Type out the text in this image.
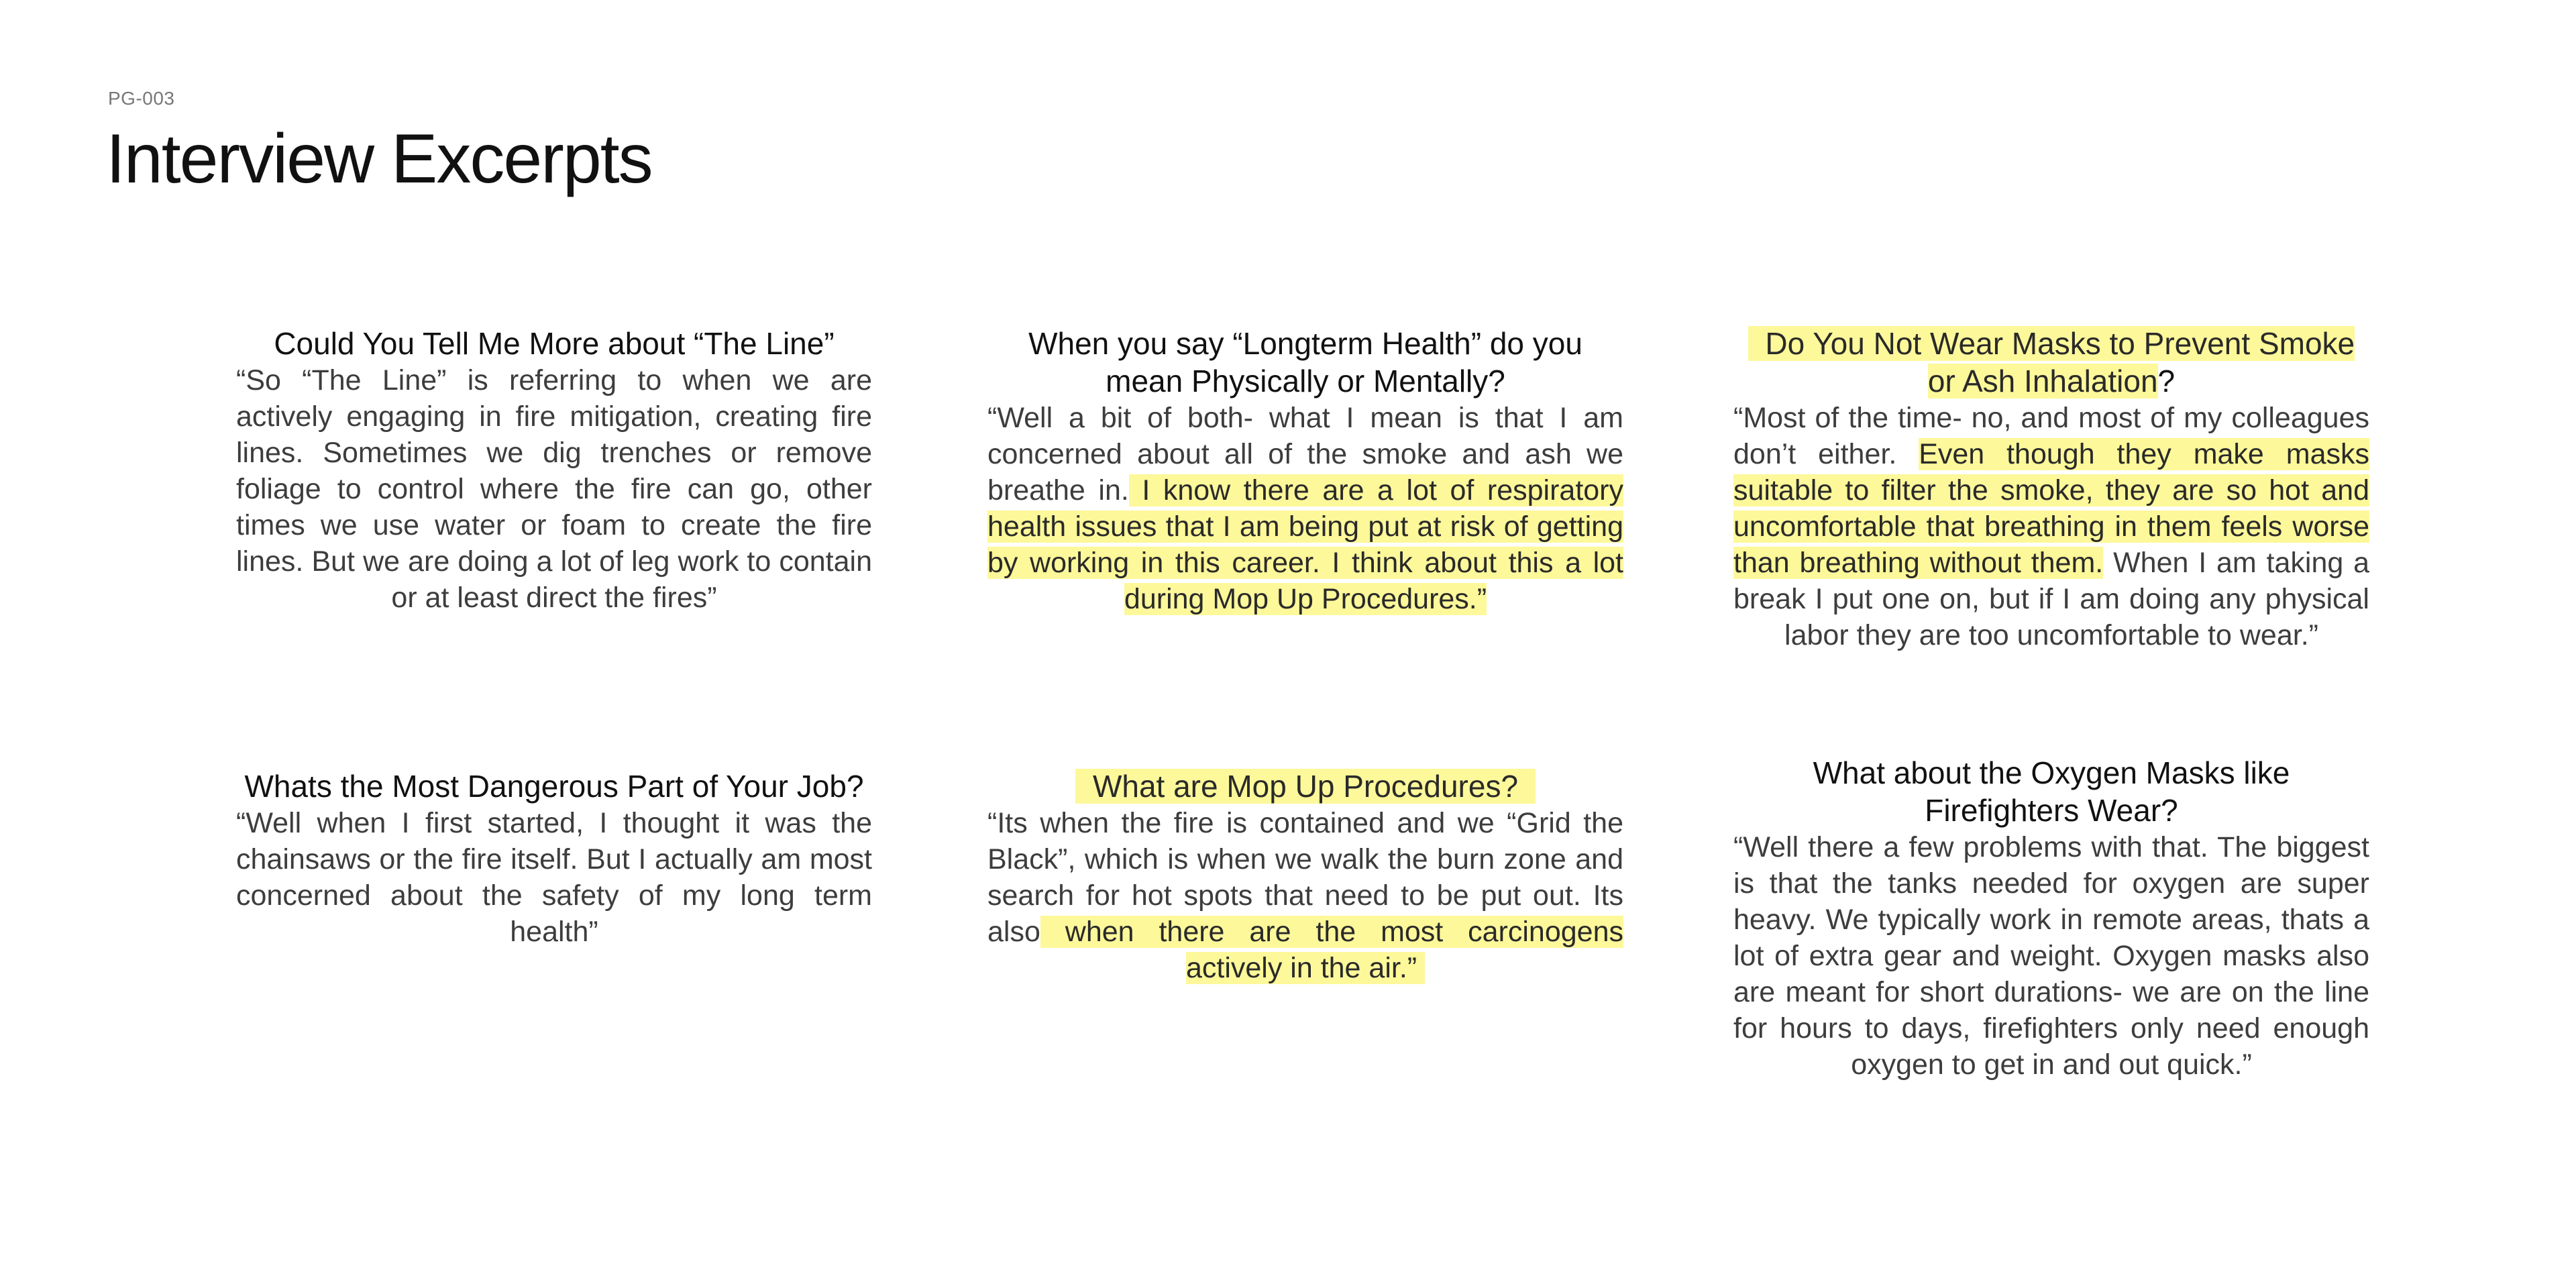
PG-003
Interview Excerpts
Could You Tell Me More about “The Line”

“So “The Line” is referring to when we are actively engaging in fire mitigation, creating fire lines. Sometimes we dig trenches or remove foliage to control where the fire can go, other times we use water or foam to create the fire lines. But we are doing a lot of leg work to contain or at least direct the fires”

When you say “Longterm Health” do you mean Physically or Mentally?

“Well a bit of both- what I mean is that I am concerned about all of the smoke and ash we breathe in. I know there are a lot of respiratory health issues that I am being put at risk of getting by working in this career. I think about this a lot during Mop Up Procedures.”

Do You Not Wear Masks to Prevent Smoke or Ash Inhalation?

“Most of the time- no, and most of my colleagues don’t either. Even though they make masks suitable to filter the smoke, they are so hot and uncomfortable that breathing in them feels worse than breathing without them. When I am taking a break I put one on, but if I am doing any physical labor they are too uncomfortable to wear.”

Whats the Most Dangerous Part of Your Job?

“Well when I first started, I thought it was the chainsaws or the fire itself. But I actually am most concerned about the safety of my long term health”

What are Mop Up Procedures?

“Its when the fire is contained and we “Grid the Black”, which is when we walk the burn zone and search for hot spots that need to be put out. Its also when there are the most carcinogens actively in the air.”

What about the Oxygen Masks like Firefighters Wear?

“Well there a few problems with that. The biggest is that the tanks needed for oxygen are super heavy. We typically work in remote areas, thats a lot of extra gear and weight. Oxygen masks also are meant for short durations- we are on the line for hours to days, firefighters only need enough oxygen to get in and out quick.”
